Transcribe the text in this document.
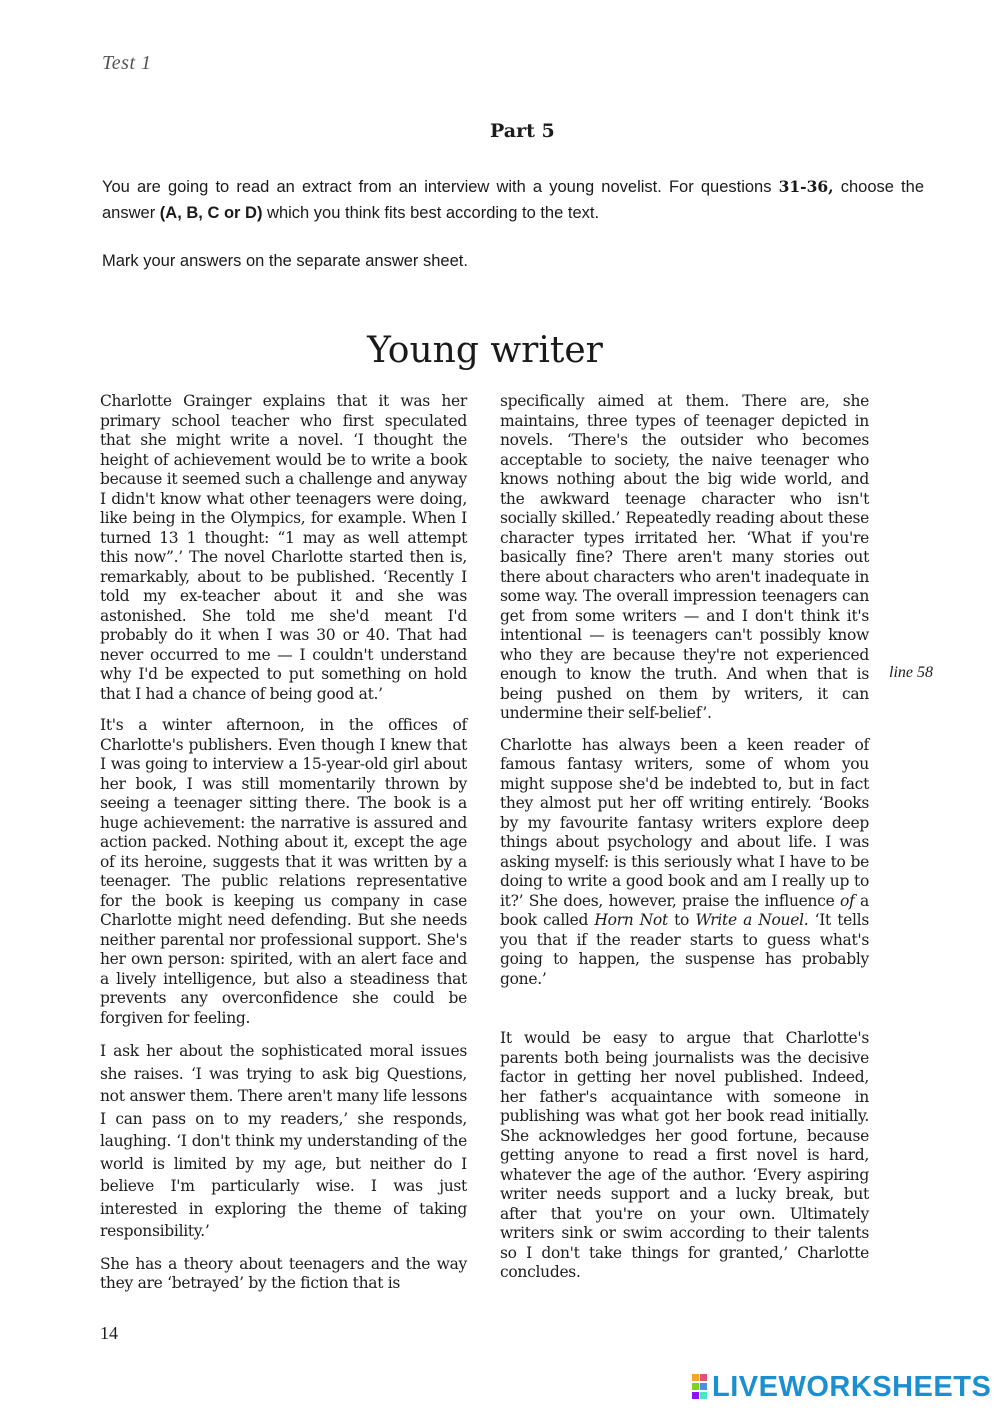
Test 1
Part 5

You are going to read an extract from an interview with a young novelist. For questions 31-36, choose the answer (A, B, C or D) which you think fits best according to the text.

Mark your answers on the separate answer sheet.

Young writer

Charlotte Grainger explains that it was her primary school teacher who first speculated that she might write a novel. ‘I thought the height of achievement would be to write a book because it seemed such a challenge and anyway I didn't know what other teenagers were doing, like being in the Olympics, for example. When I turned 13 1 thought: “1 may as well attempt this now”.’ The novel Charlotte started then is, remarkably, about to be published. ‘Recently I told my ex-teacher about it and she was astonished. She told me she'd meant I'd probably do it when I was 30 or 40. That had never occurred to me — I couldn't understand why I'd be expected to put something on hold that I had a chance of being good at.’

It's a winter afternoon, in the offices of Charlotte's publishers. Even though I knew that I was going to interview a 15-year-old girl about her book, I was still momentarily thrown by seeing a teenager sitting there. The book is a huge achievement: the narrative is assured and action packed. Nothing about it, except the age of its heroine, suggests that it was written by a teenager. The public relations representative for the book is keeping us company in case Charlotte might need defending. But she needs neither parental nor professional support. She's her own person: spirited, with an alert face and a lively intelligence, but also a steadiness that prevents any overconfidence she could be forgiven for feeling.

I ask her about the sophisticated moral issues she raises. ‘I was trying to ask big Questions, not answer them. There aren't many life lessons I can pass on to my readers,’ she responds, laughing. ‘I don't think my understanding of the world is limited by my age, but neither do I believe I'm particularly wise. I was just interested in exploring the theme of taking responsibility.’

She has a theory about teenagers and the way they are ‘betrayed’ by the fiction that is

specifically aimed at them. There are, she maintains, three types of teenager depicted in novels. ‘There's the outsider who becomes acceptable to society, the naive teenager who knows nothing about the big wide world, and the awkward teenage character who isn't socially skilled.’ Repeatedly reading about these character types irritated her. ‘What if you're basically fine? There aren't many stories out there about characters who aren't inadequate in some way. The overall impression teenagers can get from some writers — and I don't think it's intentional — is teenagers can't possibly know who they are because they're not experienced enough to know the truth. And when that is being pushed on them by writers, it can undermine their self-belief’.

Charlotte has always been a keen reader of famous fantasy writers, some of whom you might suppose she'd be indebted to, but in fact they almost put her off writing entirely. ‘Books by my favourite fantasy writers explore deep things about psychology and about life. I was asking myself: is this seriously what I have to be doing to write a good book and am I really up to it?’ She does, however, praise the influence of a book called Horn Not to Write a Nouel. ‘It tells you that if the reader starts to guess what's going to happen, the suspense has probably gone.’

It would be easy to argue that Charlotte's parents both being journalists was the decisive factor in getting her novel published. Indeed, her father's acquaintance with someone in publishing was what got her book read initially. She acknowledges her good fortune, because getting anyone to read a first novel is hard, whatever the age of the author. ‘Every aspiring writer needs support and a lucky break, but after that you're on your own. Ultimately writers sink or swim according to their talents so I don't take things for granted,’ Charlotte concludes.

line 58
14
LIVEWORKSHEETS
